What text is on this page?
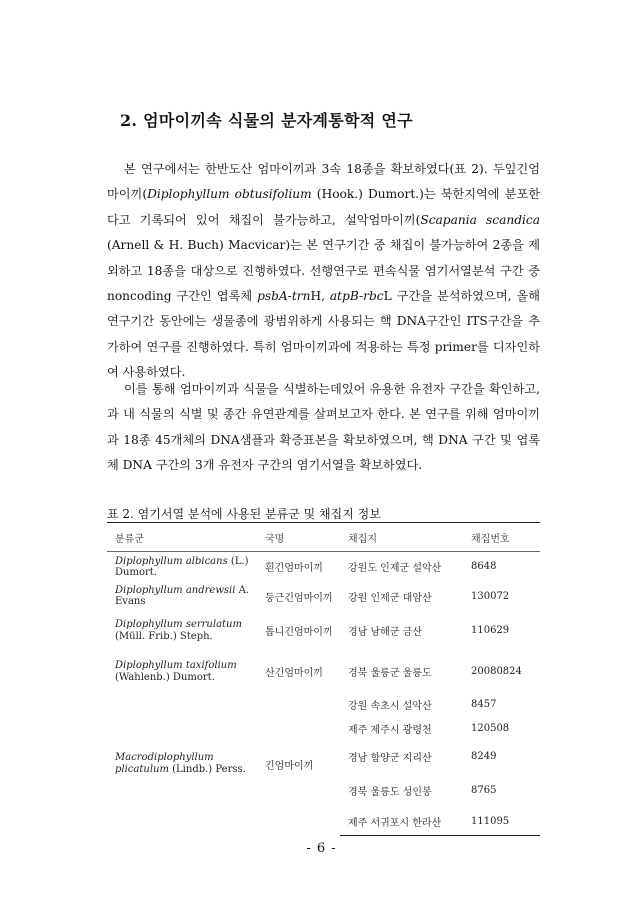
2. 엄마이끼속 식물의 분자계통학적 연구

본 연구에서는 한반도산 엄마이끼과 3속 18종을 확보하였다(표 2). 두잎긴엄마이끼(Diplophyllum obtusifolium (Hook.) Dumort.)는 북한지역에 분포한다고 기록되어 있어 채집이 불가능하고, 설악엄마이끼(Scapania scandica (Arnell & H. Buch) Macvicar)는 본 연구기간 중 채집이 불가능하여 2종을 제외하고 18종을 대상으로 진행하였다. 선행연구로 편속식물 염기서열분석 구간 중 noncoding 구간인 엽록체 psbA-trnH, atpB-rbcL 구간을 분석하였으며, 올해 연구기간 동안에는 생물종에 광범위하게 사용되는 핵 DNA구간인 ITS구간을 추가하여 연구를 진행하였다. 특히 엄마이끼과에 적용하는 특정 primer를 디자인하여 사용하였다.

이를 통해 엄마이끼과 식물을 식별하는데있어 유용한 유전자 구간을 확인하고, 과 내 식물의 식별 및 종간 유연관계를 살펴보고자 한다. 본 연구를 위해 엄마이끼과 18종 45개체의 DNA샘플과 확증표본을 확보하였으며, 핵 DNA 구간 및 엽록체 DNA 구간의 3개 유전자 구간의 염기서열을 확보하였다.

표 2. 염기서열 분석에 사용된 분류군 및 채집지 정보
분류군	국명	채집지	채집번호
Diplophyllum albicans (L.) Dumort.	흰긴엄마이끼	강원도 인제군 설악산	8648
Diplophyllum andrewsii A. Evans	둥근긴엄마이끼	강원 인제군 대암산	130072
Diplophyllum serrulatum (Müll. Frib.) Steph.	톱니긴엄마이끼	경남 남해군 금산	110629
Diplophyllum taxifolium (Wahlenb.) Dumort.	산긴엄마이끼	경북 울릉군 울릉도	20080824
Macrodiplophyllum plicatulum (Lindb.) Perss.	긴엄마이끼	강원 속초시 설악산	8457
		제주 제주시 광령천	120508
		경남 함양군 지리산	8249
		경북 울릉도 성인봉	8765
		제주 서귀포시 한라산	111095
- 6 -
